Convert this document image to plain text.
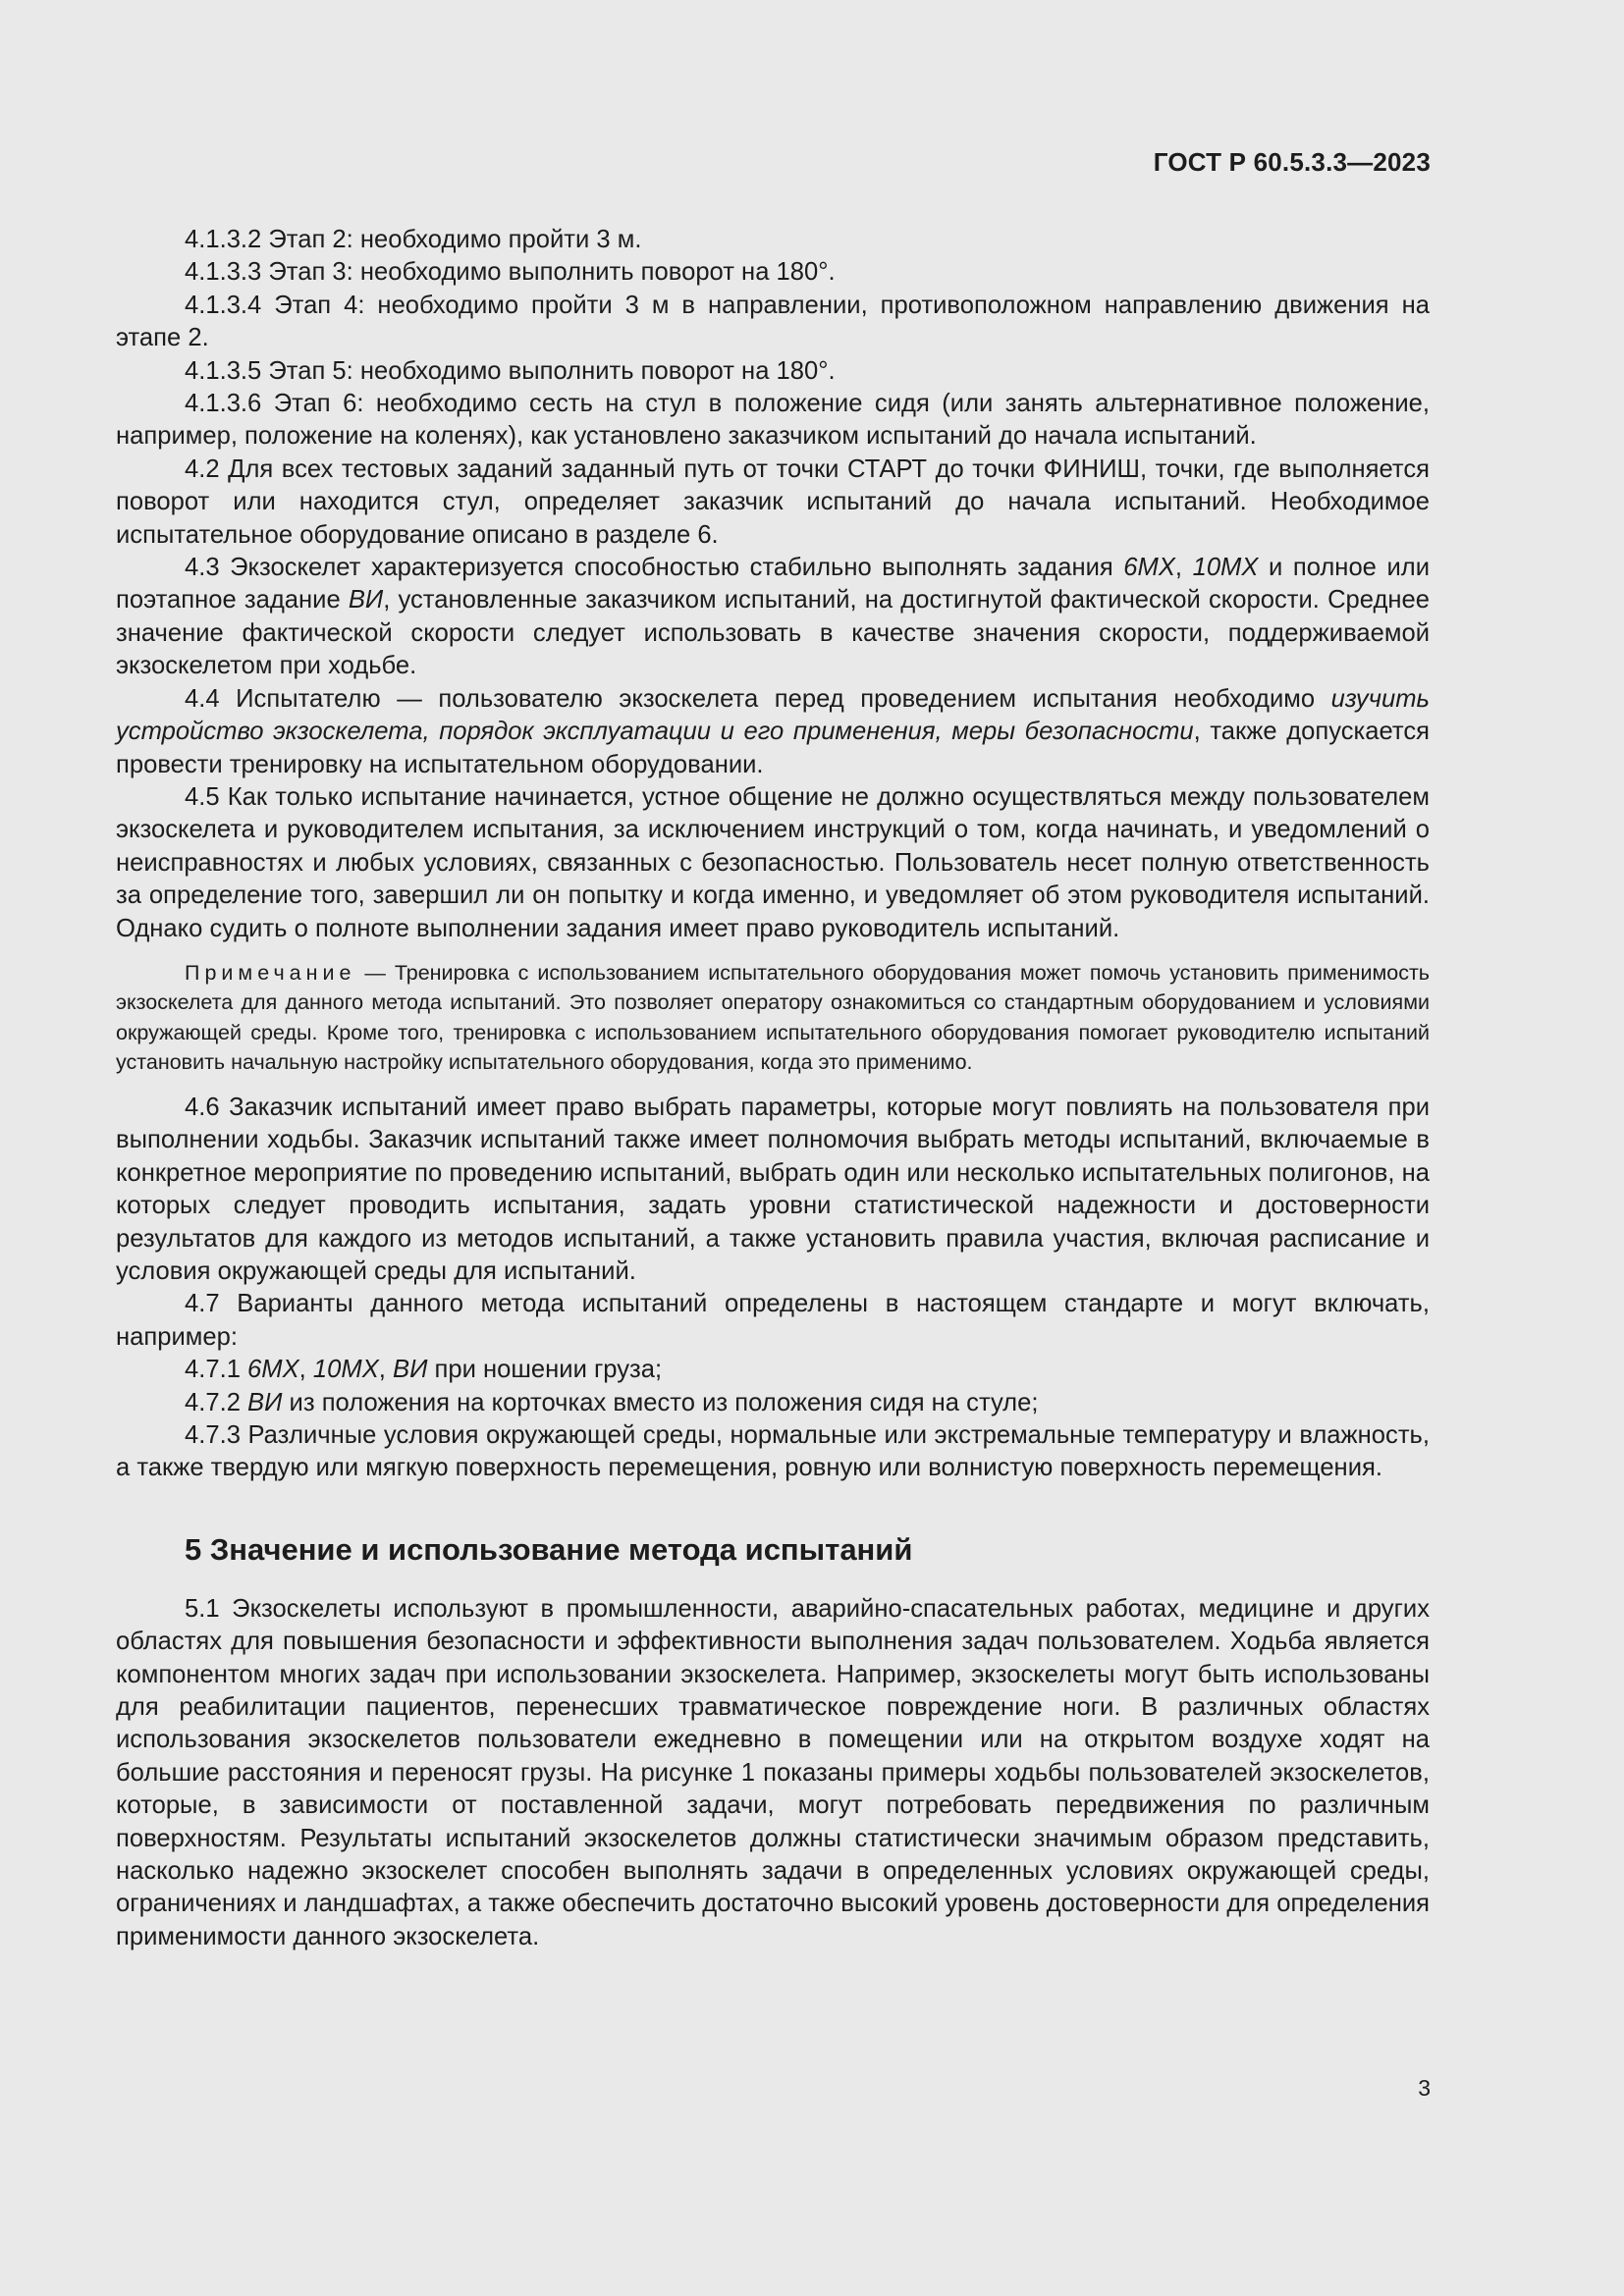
ГОСТ Р 60.5.3.3—2023

4.1.3.2 Этап 2: необходимо пройти 3 м.

4.1.3.3 Этап 3: необходимо выполнить поворот на 180°.

4.1.3.4 Этап 4: необходимо пройти 3 м в направлении, противоположном направлению движения на этапе 2.

4.1.3.5 Этап 5: необходимо выполнить поворот на 180°.

4.1.3.6 Этап 6: необходимо сесть на стул в положение сидя (или занять альтернативное положение, например, положение на коленях), как установлено заказчиком испытаний до начала испытаний.

4.2 Для всех тестовых заданий заданный путь от точки СТАРТ до точки ФИНИШ, точки, где выполняется поворот или находится стул, определяет заказчик испытаний до начала испытаний. Необходимое испытательное оборудование описано в разделе 6.

4.3 Экзоскелет характеризуется способностью стабильно выполнять задания 6МХ, 10МХ и полное или поэтапное задание ВИ, установленные заказчиком испытаний, на достигнутой фактической скорости. Среднее значение фактической скорости следует использовать в качестве значения скорости, поддерживаемой экзоскелетом при ходьбе.

4.4 Испытателю — пользователю экзоскелета перед проведением испытания необходимо изучить устройство экзоскелета, порядок эксплуатации и его применения, меры безопасности, также допускается провести тренировку на испытательном оборудовании.

4.5 Как только испытание начинается, устное общение не должно осуществляться между пользователем экзоскелета и руководителем испытания, за исключением инструкций о том, когда начинать, и уведомлений о неисправностях и любых условиях, связанных с безопасностью. Пользователь несет полную ответственность за определение того, завершил ли он попытку и когда именно, и уведомляет об этом руководителя испытаний. Однако судить о полноте выполнении задания имеет право руководитель испытаний.

Примечание — Тренировка с использованием испытательного оборудования может помочь установить применимость экзоскелета для данного метода испытаний. Это позволяет оператору ознакомиться со стандартным оборудованием и условиями окружающей среды. Кроме того, тренировка с использованием испытательного оборудования помогает руководителю испытаний установить начальную настройку испытательного оборудования, когда это применимо.

4.6 Заказчик испытаний имеет право выбрать параметры, которые могут повлиять на пользователя при выполнении ходьбы. Заказчик испытаний также имеет полномочия выбрать методы испытаний, включаемые в конкретное мероприятие по проведению испытаний, выбрать один или несколько испытательных полигонов, на которых следует проводить испытания, задать уровни статистической надежности и достоверности результатов для каждого из методов испытаний, а также установить правила участия, включая расписание и условия окружающей среды для испытаний.

4.7 Варианты данного метода испытаний определены в настоящем стандарте и могут включать, например:

4.7.1 6МХ, 10МХ, ВИ при ношении груза;

4.7.2 ВИ из положения на корточках вместо из положения сидя на стуле;

4.7.3 Различные условия окружающей среды, нормальные или экстремальные температуру и влажность, а также твердую или мягкую поверхность перемещения, ровную или волнистую поверхность перемещения.

5 Значение и использование метода испытаний

5.1 Экзоскелеты используют в промышленности, аварийно-спасательных работах, медицине и других областях для повышения безопасности и эффективности выполнения задач пользователем. Ходьба является компонентом многих задач при использовании экзоскелета. Например, экзоскелеты могут быть использованы для реабилитации пациентов, перенесших травматическое повреждение ноги. В различных областях использования экзоскелетов пользователи ежедневно в помещении или на открытом воздухе ходят на большие расстояния и переносят грузы. На рисунке 1 показаны примеры ходьбы пользователей экзоскелетов, которые, в зависимости от поставленной задачи, могут потребовать передвижения по различным поверхностям. Результаты испытаний экзоскелетов должны статистически значимым образом представить, насколько надежно экзоскелет способен выполнять задачи в определенных условиях окружающей среды, ограничениях и ландшафтах, а также обеспечить достаточно высокий уровень достоверности для определения применимости данного экзоскелета.

3
